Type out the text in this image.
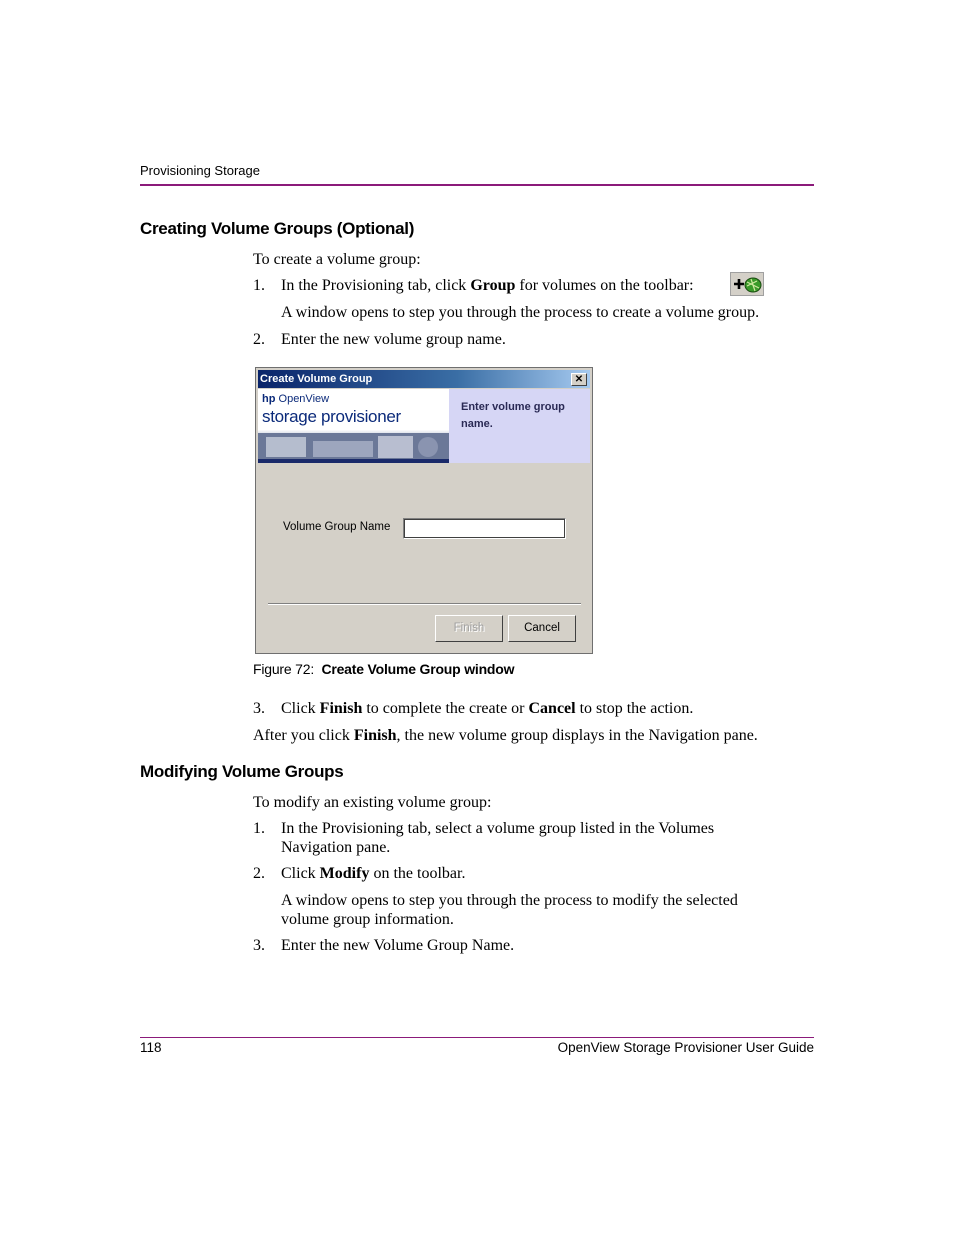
Provisioning Storage
Creating Volume Groups (Optional)
To create a volume group:
1.	In the Provisioning tab, click Group for volumes on the toolbar:
A window opens to step you through the process to create a volume group.
2.	Enter the new volume group name.
Create Volume Group	✕
hp OpenView
storage provisioner	Enter volume group name.
Volume Group Name
Finish	Cancel
Figure 72: Create Volume Group window
3.	Click Finish to complete the create or Cancel to stop the action.
After you click Finish, the new volume group displays in the Navigation pane.
Modifying Volume Groups
To modify an existing volume group:
1.	In the Provisioning tab, select a volume group listed in the Volumes
Navigation pane.
2.	Click Modify on the toolbar.
A window opens to step you through the process to modify the selected
volume group information.
3.	Enter the new Volume Group Name.
118	OpenView Storage Provisioner User Guide
